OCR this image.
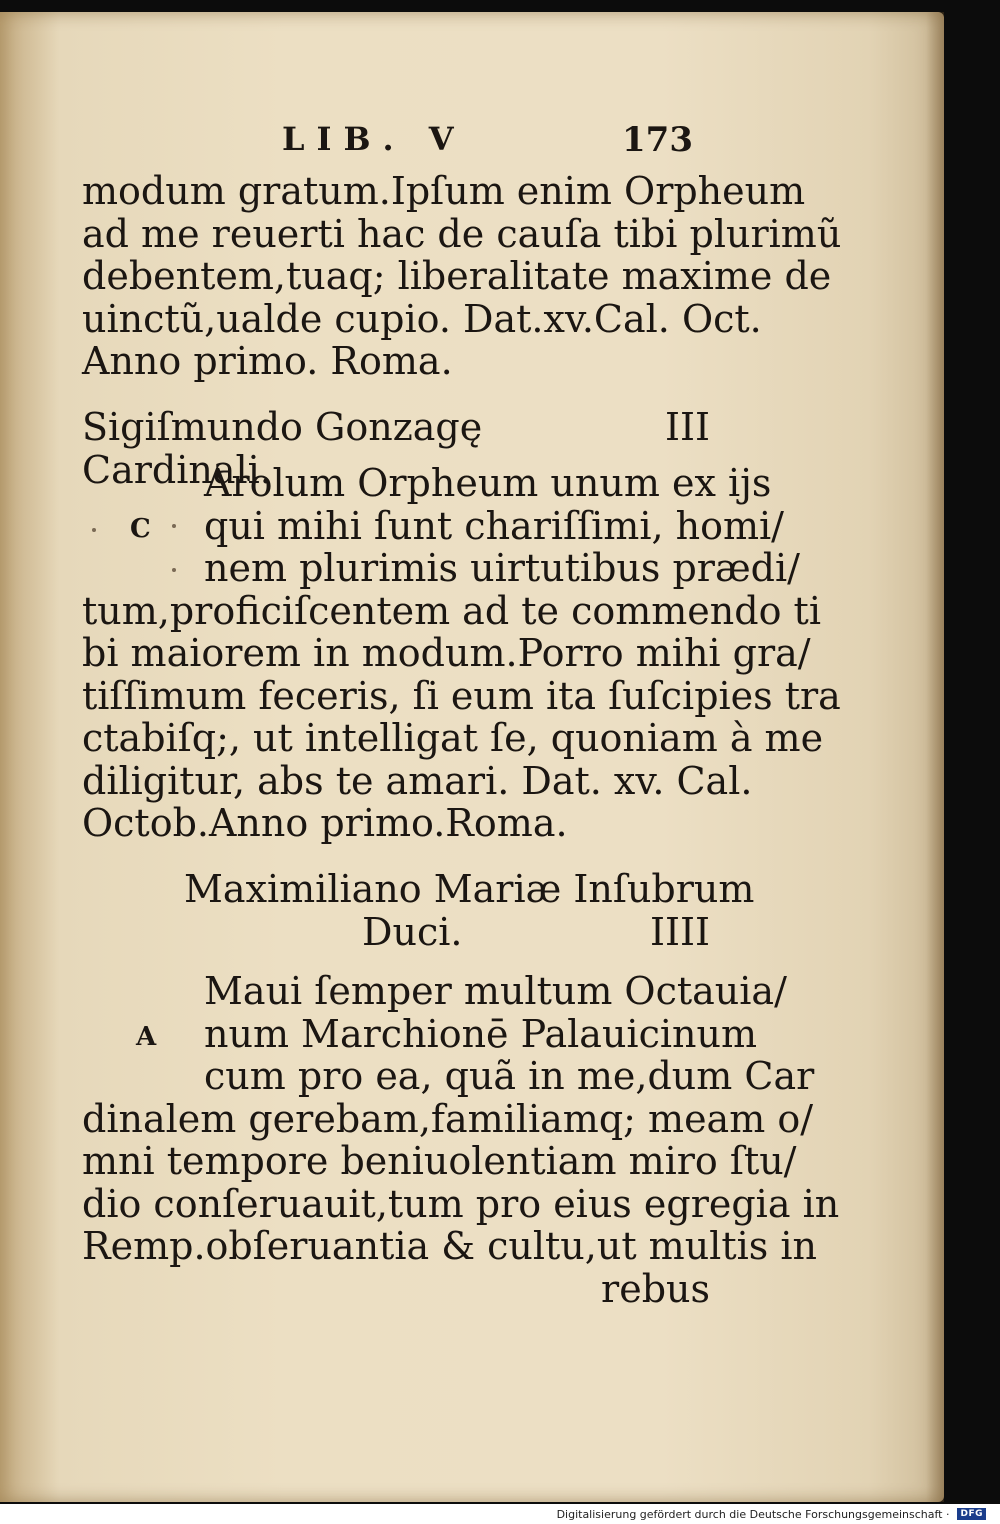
LIB. V	173
modum gratum.Ipſum enim Orpheum
ad me reuerti hac de cauſa tibi plurimũ
debentem,tuaq; liberalitate maxime de
uinctũ,ualde cupio. Dat.xv.Cal. Oct.
Anno primo. Roma.
Sigiſmundo Gonzagę Cardinali.
III
C
Arolum Orpheum unum ex ijs
qui mihi ſunt chariſſimi, homi/
nem plurimis uirtutibus prædi/
tum,proficiſcentem ad te commendo ti
bi maiorem in modum.Porro mihi gra/
tiſſimum feceris, ſi eum ita ſuſcipies tra
ctabiſq;, ut intelligat ſe, quoniam à me
diligitur, abs te amari. Dat. xv. Cal.
Octob.Anno primo.Roma.
Maximiliano Mariæ Inſubrum
Duci.	IIII
A
Maui ſemper multum Octauia/
num Marchionē Palauicinum
cum pro ea, quã in me,dum Car
dinalem gerebam,familiamq; meam o/
mni tempore beniuolentiam miro ſtu/
dio conſeruauit,tum pro eius egregia in
Remp.obſeruantia & cultu,ut multis in
rebus
Digitalisierung gefördert durch die Deutsche Forschungsgemeinschaft ·	DFG
